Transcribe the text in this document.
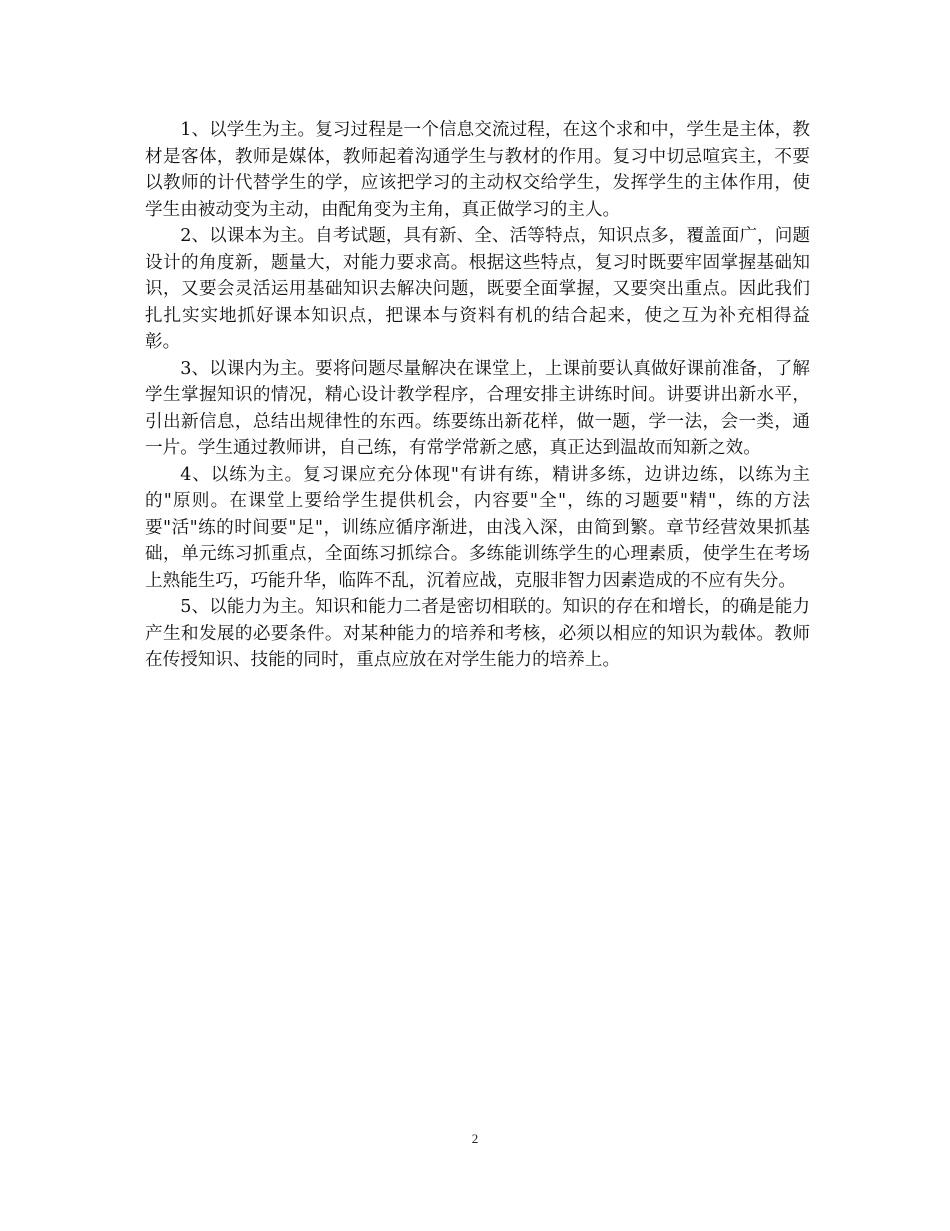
1、以学生为主。复习过程是一个信息交流过程，在这个求和中，学生是主体，教材是客体，教师是媒体，教师起着沟通学生与教材的作用。复习中切忌喧宾主，不要以教师的计代替学生的学，应该把学习的主动权交给学生，发挥学生的主体作用，使学生由被动变为主动，由配角变为主角，真正做学习的主人。

2、以课本为主。自考试题，具有新、全、活等特点，知识点多，覆盖面广，问题设计的角度新，题量大，对能力要求高。根据这些特点，复习时既要牢固掌握基础知识，又要会灵活运用基础知识去解决问题，既要全面掌握，又要突出重点。因此我们扎扎实实地抓好课本知识点，把课本与资料有机的结合起来，使之互为补充相得益彰。

3、以课内为主。要将问题尽量解决在课堂上，上课前要认真做好课前准备，了解学生掌握知识的情况，精心设计教学程序，合理安排主讲练时间。讲要讲出新水平，引出新信息，总结出规律性的东西。练要练出新花样，做一题，学一法，会一类，通一片。学生通过教师讲，自己练，有常学常新之感，真正达到温故而知新之效。

4、以练为主。复习课应充分体现"有讲有练，精讲多练，边讲边练，以练为主的"原则。在课堂上要给学生提供机会，内容要"全"，练的习题要"精"，练的方法要"活"练的时间要"足"，训练应循序渐进，由浅入深，由简到繁。章节经营效果抓基础，单元练习抓重点，全面练习抓综合。多练能训练学生的心理素质，使学生在考场上熟能生巧，巧能升华，临阵不乱，沉着应战，克服非智力因素造成的不应有失分。

5、以能力为主。知识和能力二者是密切相联的。知识的存在和增长，的确是能力产生和发展的必要条件。对某种能力的培养和考核，必须以相应的知识为载体。教师在传授知识、技能的同时，重点应放在对学生能力的培养上。

2
